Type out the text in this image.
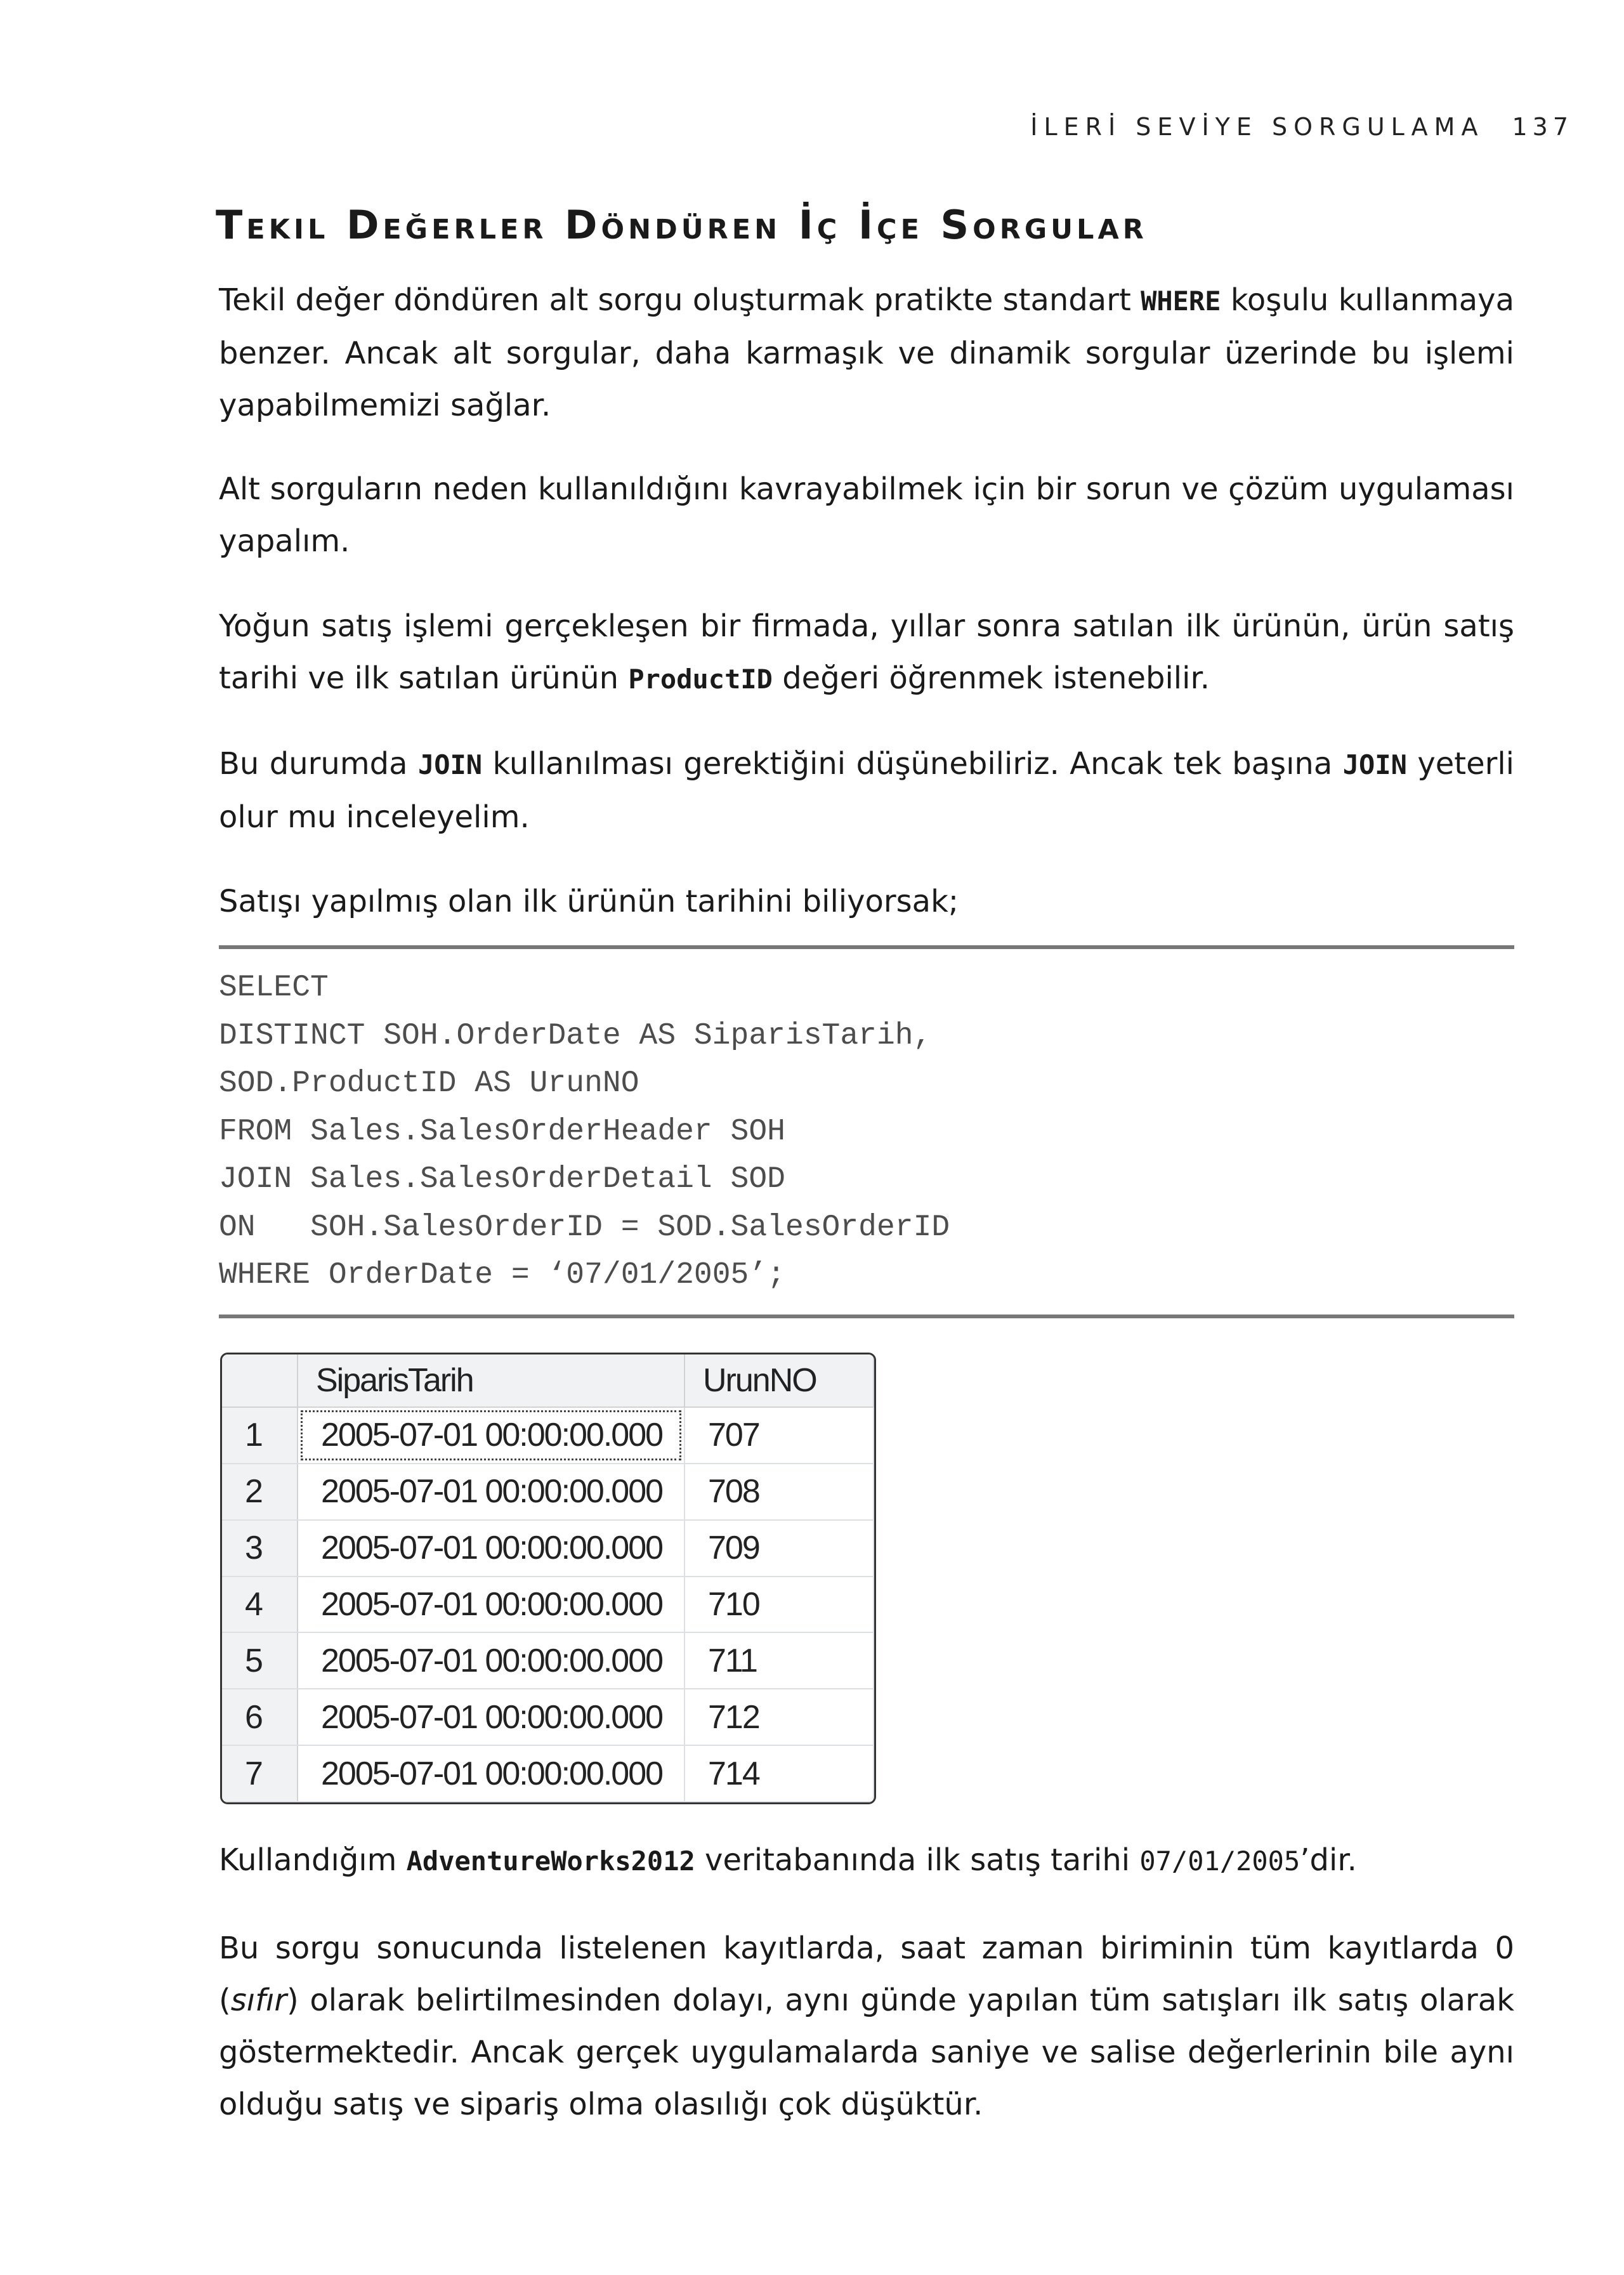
İLERİ SEVİYE SORGULAMA 137
Tekil Değerler Döndüren İç İçe Sorgular

Tekil değer döndüren alt sorgu oluşturmak pratikte standart WHERE koşulu kullanmaya benzer. Ancak alt sorgular, daha karmaşık ve dinamik sorgular üzerinde bu işlemi yapabilmemizi sağlar.

Alt sorguların neden kullanıldığını kavrayabilmek için bir sorun ve çözüm uygulaması yapalım.

Yoğun satış işlemi gerçekleşen bir firmada, yıllar sonra satılan ilk ürünün, ürün satış tarihi ve ilk satılan ürünün ProductID değeri öğrenmek istenebilir.

Bu durumda JOIN kullanılması gerektiğini düşünebiliriz. Ancak tek başına JOIN yeterli olur mu inceleyelim.

Satışı yapılmış olan ilk ürünün tarihini biliyorsak;

SELECT
DISTINCT SOH.OrderDate AS SiparisTarih,
SOD.ProductID AS UrunNO
FROM Sales.SalesOrderHeader SOH
JOIN Sales.SalesOrderDetail SOD
ON   SOH.SalesOrderID = SOD.SalesOrderID
WHERE OrderDate = ‘07/01/2005’;
	SiparisTarih	UrunNO
1	2005-07-01 00:00:00.000	707
2	2005-07-01 00:00:00.000	708
3	2005-07-01 00:00:00.000	709
4	2005-07-01 00:00:00.000	710
5	2005-07-01 00:00:00.000	711
6	2005-07-01 00:00:00.000	712
7	2005-07-01 00:00:00.000	714

Kullandığım AdventureWorks2012 veritabanında ilk satış tarihi 07/01/2005’dir.

Bu sorgu sonucunda listelenen kayıtlarda, saat zaman biriminin tüm kayıtlarda 0 (sıfır) olarak belirtilmesinden dolayı, aynı günde yapılan tüm satışları ilk satış olarak göstermektedir. Ancak gerçek uygulamalarda saniye ve salise değerlerinin bile aynı olduğu satış ve sipariş olma olasılığı çok düşüktür.
